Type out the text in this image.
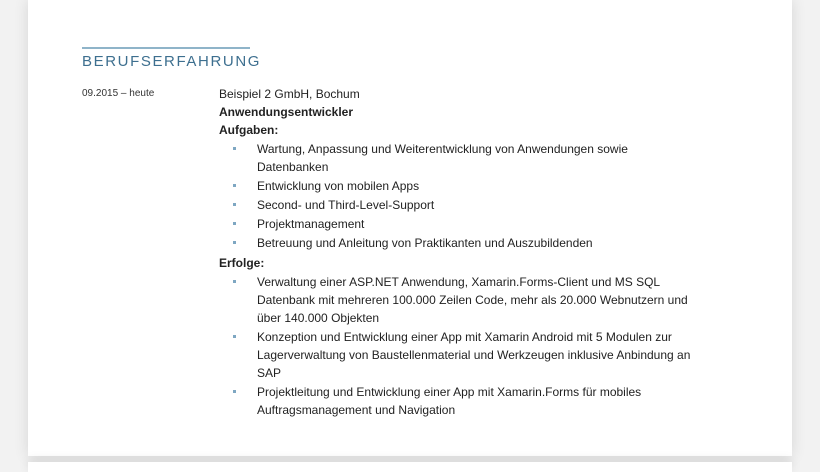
BERUFSERFAHRUNG
09.2015 – heute	Beispiel 2 GmbH, Bochum

Anwendungsentwickler

Aufgaben:

Wartung, Anpassung und Weiterentwicklung von Anwendungen sowie Datenbanken
Entwicklung von mobilen Apps
Second- und Third-Level-Support
Projektmanagement
Betreuung und Anleitung von Praktikanten und Auszubildenden

Erfolge:

Verwaltung einer ASP.NET Anwendung, Xamarin.Forms-Client und MS SQL Datenbank mit mehreren 100.000 Zeilen Code, mehr als 20.000 Webnutzern und über 140.000 Objekten
Konzeption und Entwicklung einer App mit Xamarin Android mit 5 Modulen zur Lagerverwaltung von Baustellenmaterial und Werkzeugen inklusive Anbindung an SAP
Projektleitung und Entwicklung einer App mit Xamarin.Forms für mobiles Auftragsmanagement und Navigation
